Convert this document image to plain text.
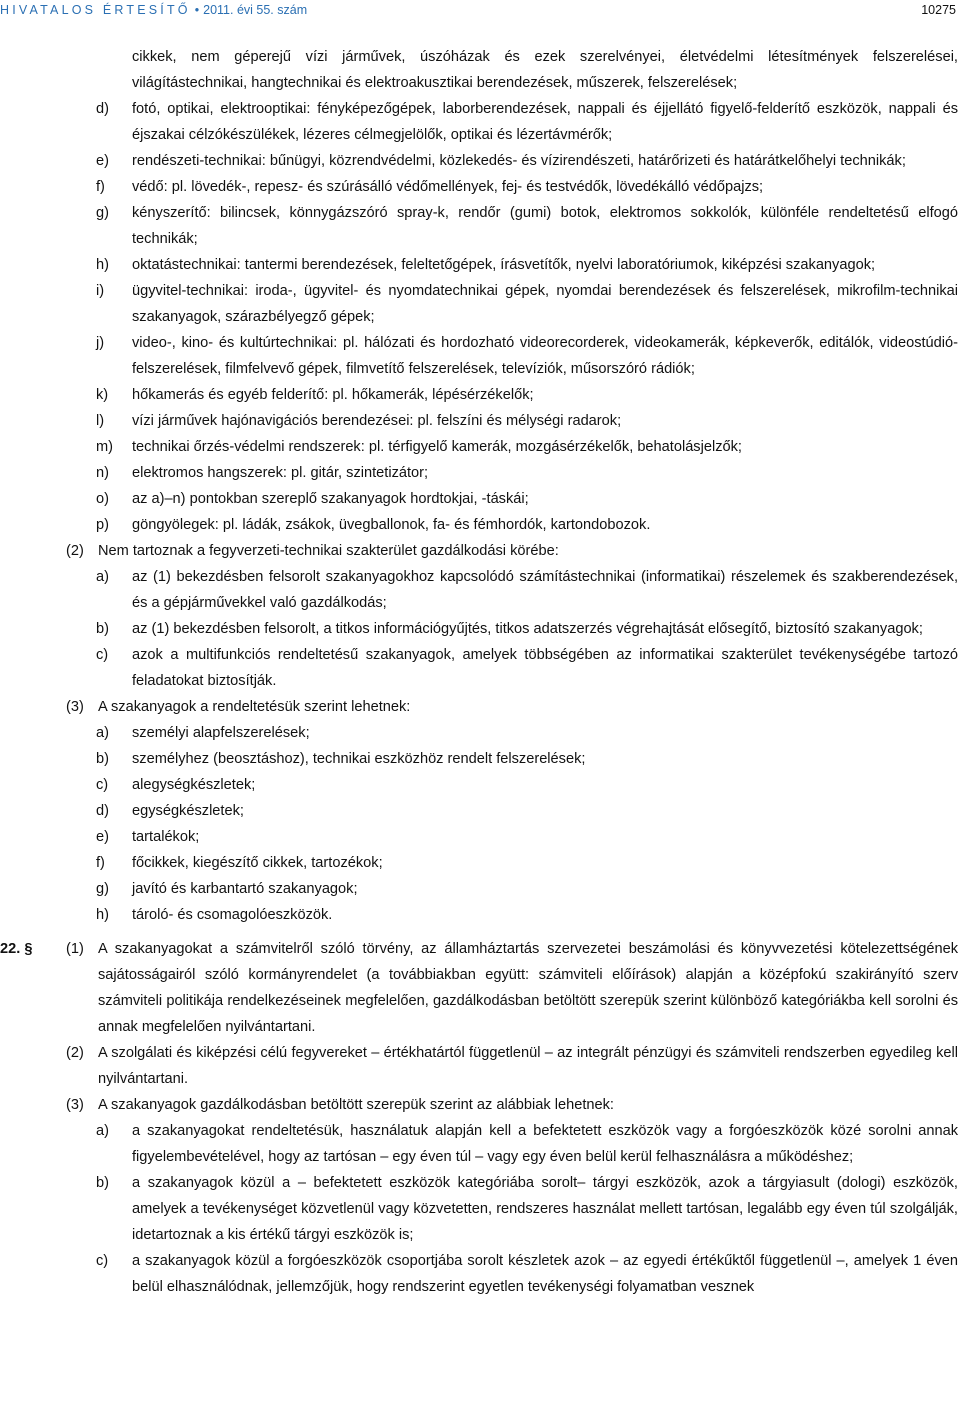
HIVATALOS ÉRTESÍTŐ • 2011. évi 55. szám	10275
cikkek, nem géperejű vízi járművek, úszóházak és ezek szerelvényei, életvédelmi létesítmények felszerelései, világítástechnikai, hangtechnikai és elektroakusztikai berendezések, műszerek, felszerelések;
d) fotó, optikai, elektrooptikai: fényképezőgépek, laborberendezések, nappali és éjjellátó figyelő-felderítő eszközök, nappali és éjszakai célzókészülékek, lézeres célmegjelölők, optikai és lézertávmérők;
e) rendészeti-technikai: bűnügyi, közrendvédelmi, közlekedés- és vízirendészeti, határőrizeti és határátkelőhelyi technikák;
f) védő: pl. lövedék-, repesz- és szúrásálló védőmellények, fej- és testvédők, lövedékálló védőpajzs;
g) kényszerítő: bilincsek, könnygázszóró spray-k, rendőr (gumi) botok, elektromos sokkolók, különféle rendeltetésű elfogó technikák;
h) oktatástechnikai: tantermi berendezések, feleltetőgépek, írásvetítők, nyelvi laboratóriumok, kiképzési szakanyagok;
i) ügyvitel-technikai: iroda-, ügyvitel- és nyomdatechnikai gépek, nyomdai berendezések és felszerelések, mikrofilm-technikai szakanyagok, szárazbélyegző gépek;
j) video-, kino- és kultúrtechnikai: pl. hálózati és hordozható videorecorderek, videokamerák, képkeverők, editálók, videostúdió-felszerelések, filmfelvevő gépek, filmvetítő felszerelések, televíziók, műsorszóró rádiók;
k) hőkamerás és egyéb felderítő: pl. hőkamerák, lépésérzékelők;
l) vízi járművek hajónavigációs berendezései: pl. felszíni és mélységi radarok;
m) technikai őrzés-védelmi rendszerek: pl. térfigyelő kamerák, mozgásérzékelők, behatolásjelzők;
n) elektromos hangszerek: pl. gitár, szintetizátor;
o) az a)–n) pontokban szereplő szakanyagok hordtokjai, -táskái;
p) göngyölegek: pl. ládák, zsákok, üvegballonok, fa- és fémhordók, kartondobozok.
(2) Nem tartoznak a fegyverzeti-technikai szakterület gazdálkodási körébe:
a) az (1) bekezdésben felsorolt szakanyagokhoz kapcsolódó számítástechnikai (informatikai) részelemek és szakberendezések, és a gépjárművekkel való gazdálkodás;
b) az (1) bekezdésben felsorolt, a titkos információgyűjtés, titkos adatszerzés végrehajtását elősegítő, biztosító szakanyagok;
c) azok a multifunkciós rendeltetésű szakanyagok, amelyek többségében az informatikai szakterület tevékenységébe tartozó feladatokat biztosítják.
(3) A szakanyagok a rendeltetésük szerint lehetnek:
a) személyi alapfelszerelések;
b) személyhez (beosztáshoz), technikai eszközhöz rendelt felszerelések;
c) alegységkészletek;
d) egységkészletek;
e) tartalékok;
f) főcikkek, kiegészítő cikkek, tartozékok;
g) javító és karbantartó szakanyagok;
h) tároló- és csomagolóeszközök.
22. § (1) A szakanyagokat a számvitelről szóló törvény, az államháztartás szervezetei beszámolási és könyvvezetési kötelezettségének sajátosságairól szóló kormányrendelet (a továbbiakban együtt: számviteli előírások) alapján a középfokú szakirányító szerv számviteli politikája rendelkezéseinek megfelelően, gazdálkodásban betöltött szerepük szerint különböző kategóriákba kell sorolni és annak megfelelően nyilvántartani.
(2) A szolgálati és kiképzési célú fegyvereket – értékhatártól függetlenül – az integrált pénzügyi és számviteli rendszerben egyedileg kell nyilvántartani.
(3) A szakanyagok gazdálkodásban betöltött szerepük szerint az alábbiak lehetnek:
a) a szakanyagokat rendeltetésük, használatuk alapján kell a befektetett eszközök vagy a forgóeszközök közé sorolni annak figyelembevételével, hogy az tartósan – egy éven túl – vagy egy éven belül kerül felhasználásra a működéshez;
b) a szakanyagok közül a – befektetett eszközök kategóriába sorolt– tárgyi eszközök, azok a tárgyiasult (dologi) eszközök, amelyek a tevékenységet közvetlenül vagy közvetetten, rendszeres használat mellett tartósan, legalább egy éven túl szolgálják, idetartoznak a kis értékű tárgyi eszközök is;
c) a szakanyagok közül a forgóeszközök csoportjába sorolt készletek azok – az egyedi értékűktől függetlenül –, amelyek 1 éven belül elhasználódnak, jellemzőjük, hogy rendszerint egyetlen tevékenységi folyamatban vesznek
